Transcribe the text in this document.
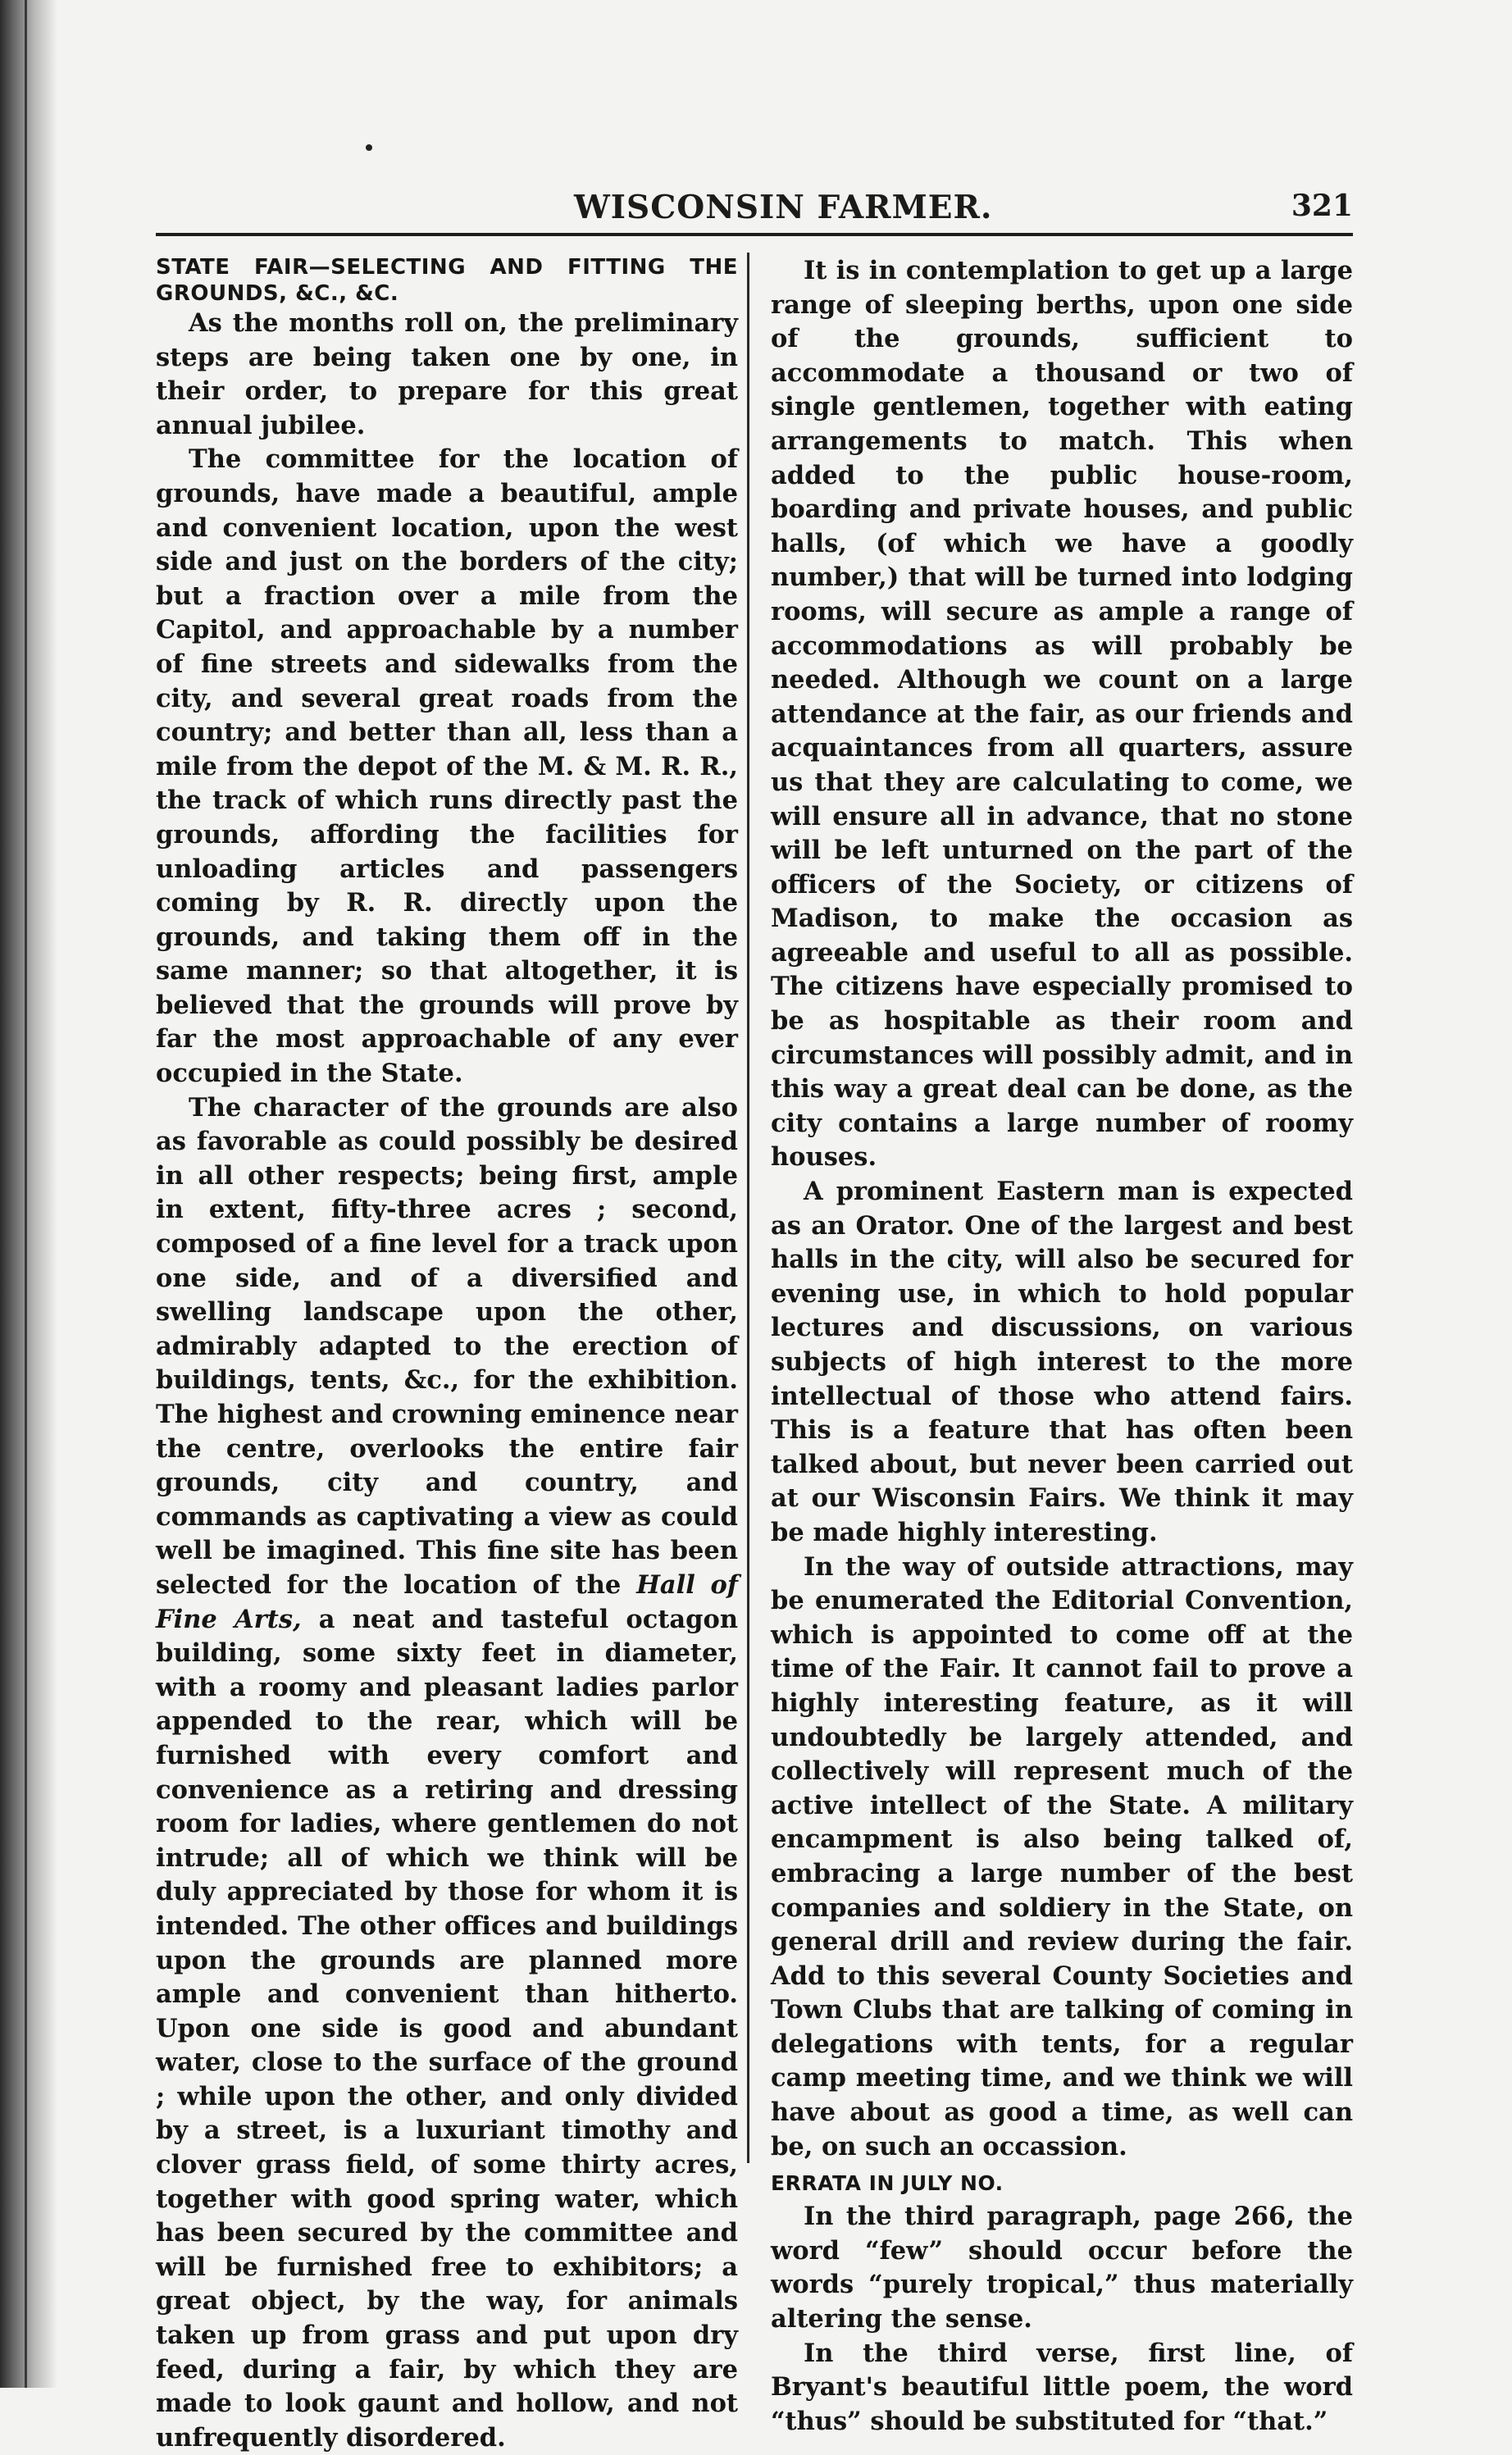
WISCONSIN FARMER.	321
STATE FAIR—SELECTING AND FITTING THE GROUNDS, &C., &C.

As the months roll on, the preliminary steps are being taken one by one, in their order, to prepare for this great annual jubilee.

The committee for the location of grounds, have made a beautiful, ample and convenient location, upon the west side and just on the borders of the city; but a fraction over a mile from the Capitol, and approachable by a number of fine streets and sidewalks from the city, and several great roads from the country; and better than all, less than a mile from the depot of the M. & M. R. R., the track of which runs directly past the grounds, affording the facilities for unloading articles and passengers coming by R. R. directly upon the grounds, and taking them off in the same manner; so that altogether, it is believed that the grounds will prove by far the most approachable of any ever occupied in the State.

The character of the grounds are also as favorable as could possibly be desired in all other respects; being first, ample in extent, fifty-three acres ; second, composed of a fine level for a track upon one side, and of a diversified and swelling landscape upon the other, admirably adapted to the erection of buildings, tents, &c., for the exhibition. The highest and crowning eminence near the centre, overlooks the entire fair grounds, city and country, and commands as captivating a view as could well be imagined. This fine site has been selected for the location of the Hall of Fine Arts, a neat and tasteful octagon building, some sixty feet in diameter, with a roomy and pleasant ladies parlor appended to the rear, which will be furnished with every comfort and convenience as a retiring and dressing room for ladies, where gentlemen do not intrude; all of which we think will be duly appreciated by those for whom it is intended. The other offices and buildings upon the grounds are planned more ample and convenient than hitherto. Upon one side is good and abundant water, close to the surface of the ground ; while upon the other, and only divided by a street, is a luxuriant timothy and clover grass field, of some thirty acres, together with good spring water, which has been secured by the committee and will be furnished free to exhibitors; a great object, by the way, for animals taken up from grass and put upon dry feed, during a fair, by which they are made to look gaunt and hollow, and not unfrequently disordered.

It is in contemplation to get up a large range of sleeping berths, upon one side of the grounds, sufficient to accommodate a thousand or two of single gentlemen, together with eating arrangements to match. This when added to the public house-room, boarding and private houses, and public halls, (of which we have a goodly number,) that will be turned into lodging rooms, will secure as ample a range of accommodations as will probably be needed. Although we count on a large attendance at the fair, as our friends and acquaintances from all quarters, assure us that they are calculating to come, we will ensure all in advance, that no stone will be left unturned on the part of the officers of the Society, or citizens of Madison, to make the occasion as agreeable and useful to all as possible. The citizens have especially promised to be as hospitable as their room and circumstances will possibly admit, and in this way a great deal can be done, as the city contains a large number of roomy houses.

A prominent Eastern man is expected as an Orator. One of the largest and best halls in the city, will also be secured for evening use, in which to hold popular lectures and discussions, on various subjects of high interest to the more intellectual of those who attend fairs. This is a feature that has often been talked about, but never been carried out at our Wisconsin Fairs. We think it may be made highly interesting.

In the way of outside attractions, may be enumerated the Editorial Convention, which is appointed to come off at the time of the Fair. It cannot fail to prove a highly interesting feature, as it will undoubtedly be largely attended, and collectively will represent much of the active intellect of the State. A military encampment is also being talked of, embracing a large number of the best companies and soldiery in the State, on general drill and review during the fair. Add to this several County Societies and Town Clubs that are talking of coming in delegations with tents, for a regular camp meeting time, and we think we will have about as good a time, as well can be, on such an occassion.

ERRATA IN JULY NO.

In the third paragraph, page 266, the word “few” should occur before the words “purely tropical,” thus materially altering the sense.

In the third verse, first line, of Bryant's beautiful little poem, the word “thus” should be substituted for “that.”
